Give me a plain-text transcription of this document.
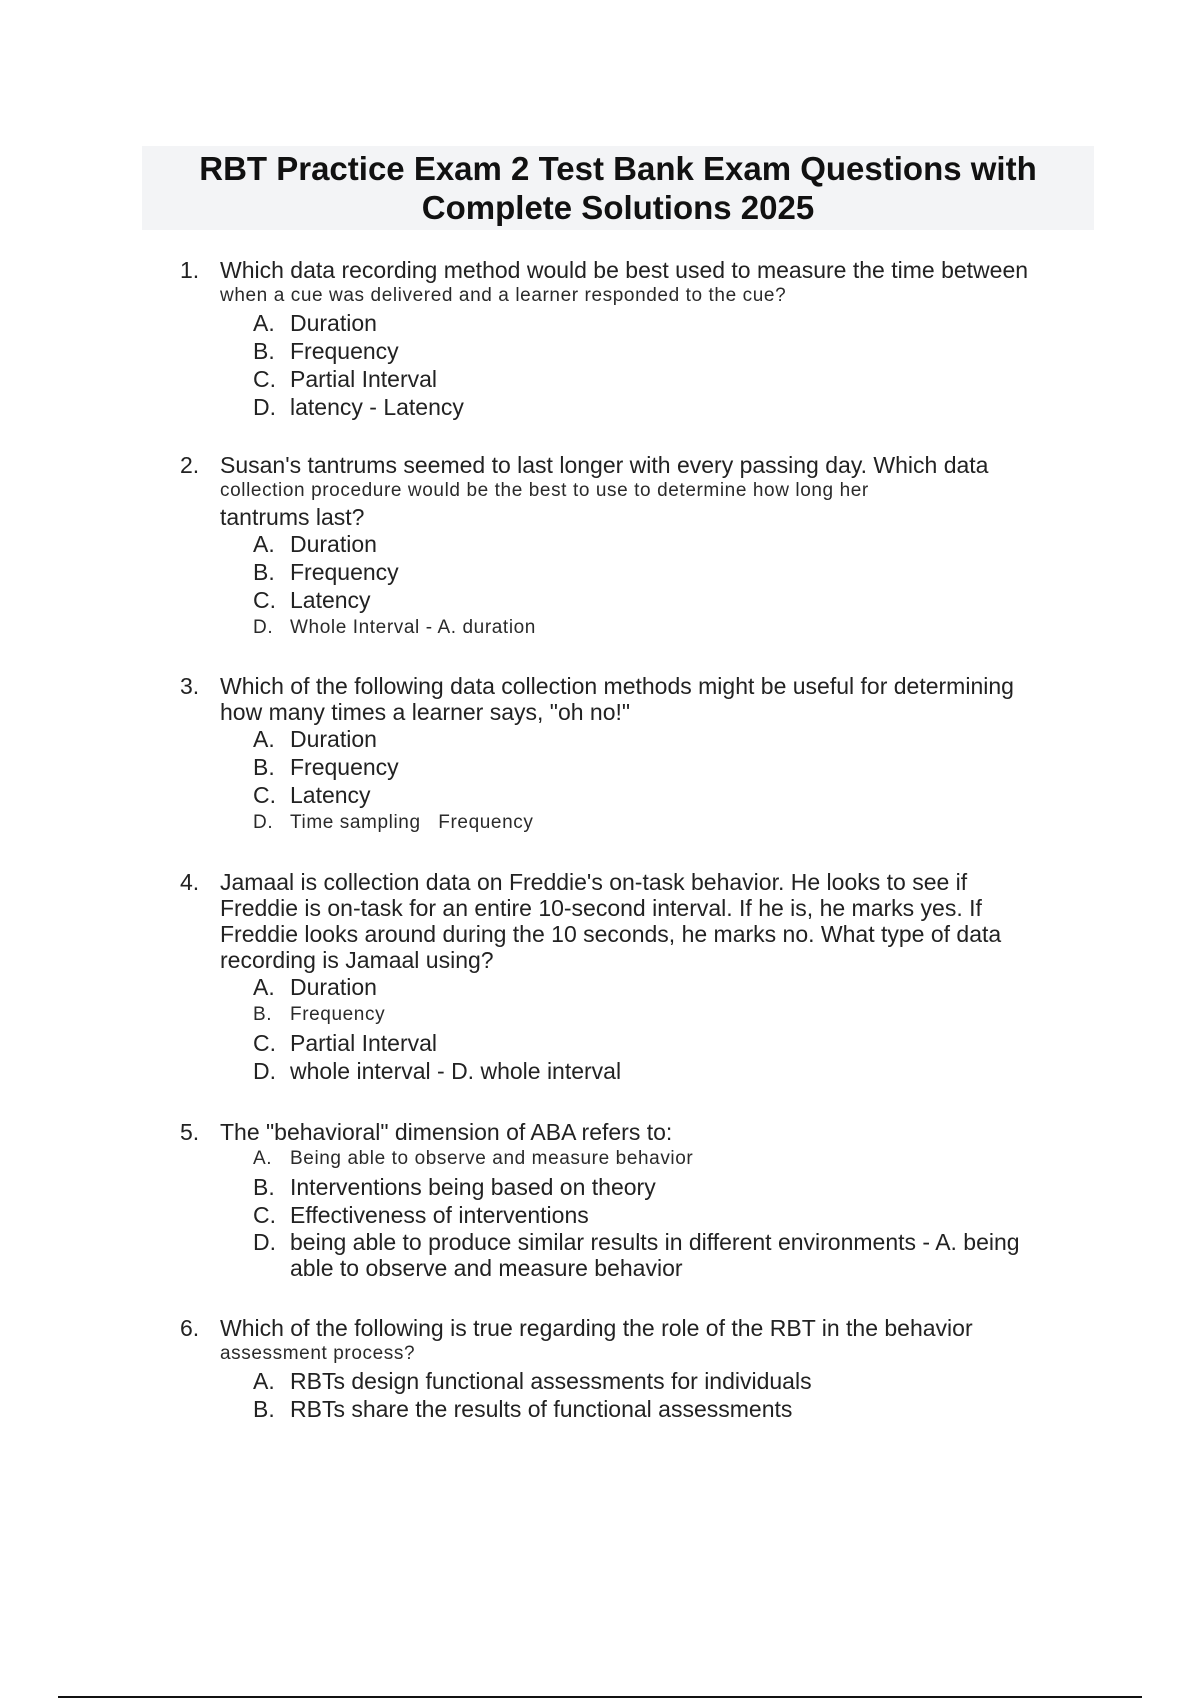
RBT Practice Exam 2 Test Bank Exam Questions with
Complete Solutions 2025
1. Which data recording method would be best used to measure the time between
when a cue was delivered and a learner responded to the cue?
A. Duration
B. Frequency
C. Partial Interval
D. latency - Latency
2. Susan's tantrums seemed to last longer with every passing day. Which data
collection procedure would be the best to use to determine how long her
tantrums last?
A. Duration
B. Frequency
C. Latency
D. Whole Interval - A. duration
3. Which of the following data collection methods might be useful for determining
how many times a learner says, "oh no!"
A. Duration
B. Frequency
C. Latency
D. Time sampling   Frequency
4. Jamaal is collection data on Freddie's on-task behavior. He looks to see if Freddie is on-task for an entire 10-second interval. If he is, he marks yes. If Freddie looks around during the 10 seconds, he marks no. What type of data recording is Jamaal using?
A. Duration
B. Frequency
C. Partial Interval
D. whole interval - D. whole interval
5. The "behavioral" dimension of ABA refers to:
A. Being able to observe and measure behavior
B. Interventions being based on theory
C. Effectiveness of interventions
D. being able to produce similar results in different environments - A. being able to observe and measure behavior
6. Which of the following is true regarding the role of the RBT in the behavior
assessment process?
A. RBTs design functional assessments for individuals
B. RBTs share the results of functional assessments
